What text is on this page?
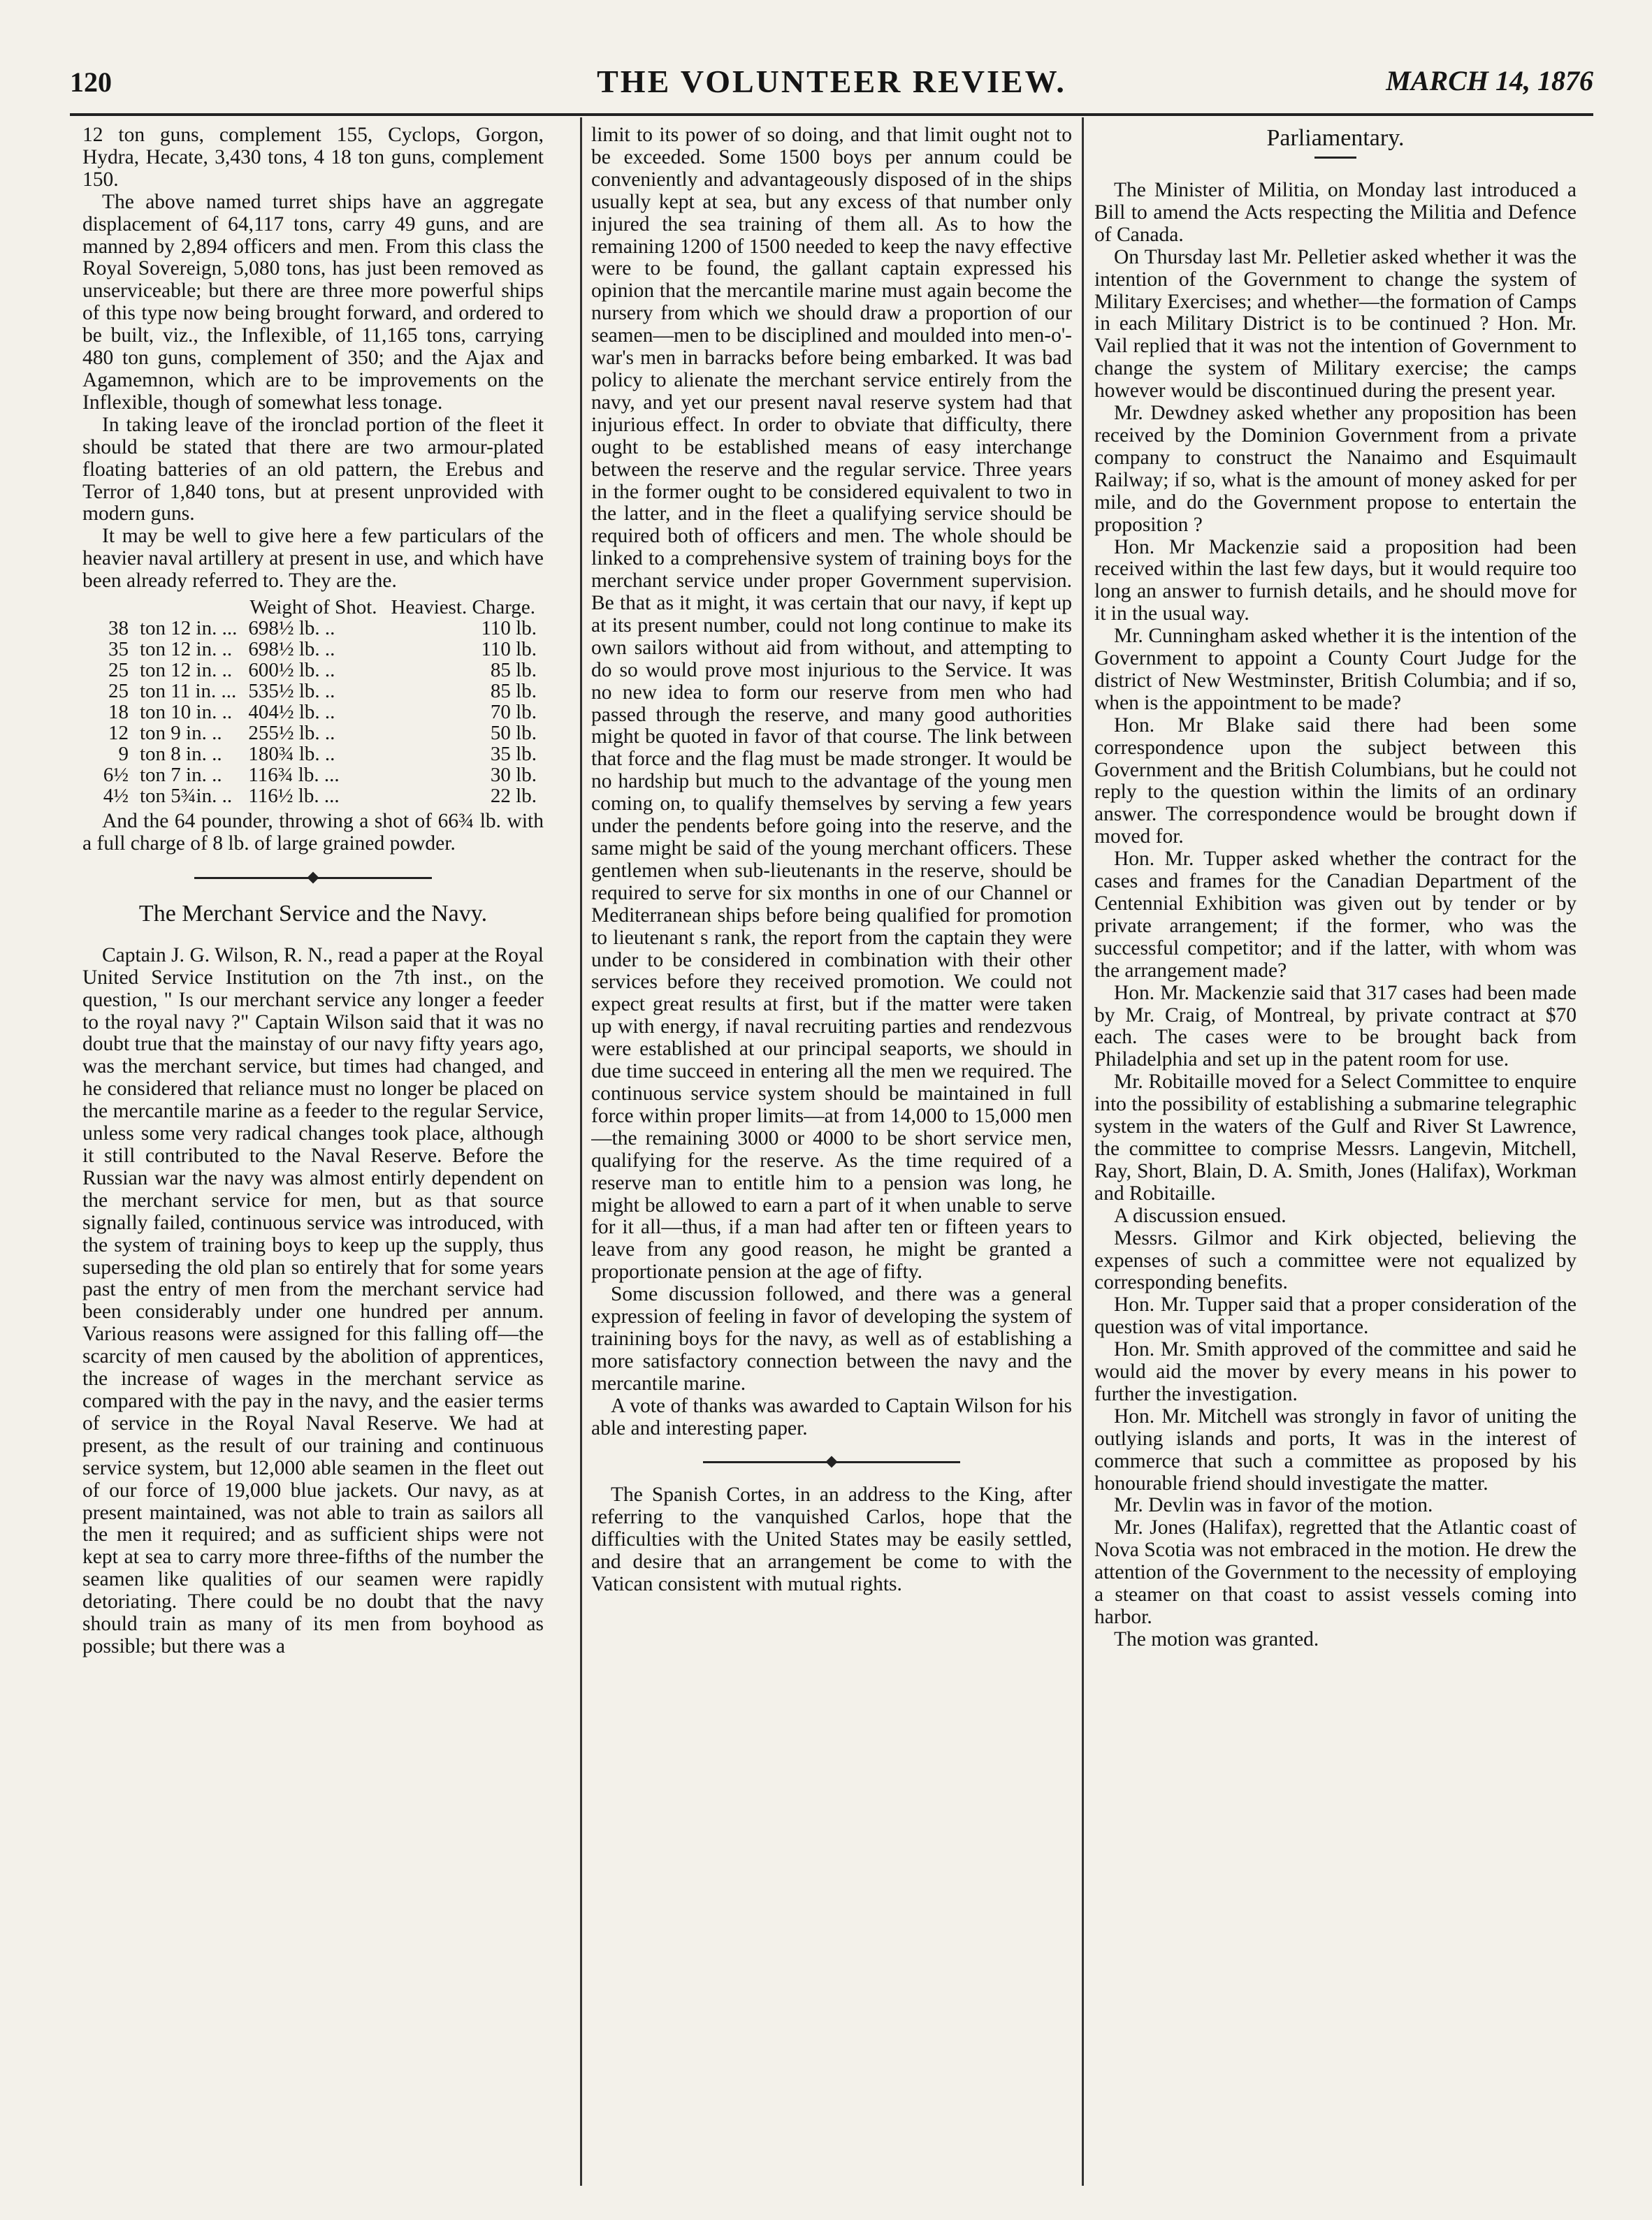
120	THE VOLUNTEER REVIEW.	MARCH 14, 1876

12 ton guns, complement 155, Cyclops, Gorgon, Hydra, Hecate, 3,430 tons, 4 18 ton guns, complement 150.

The above named turret ships have an aggregate displacement of 64,117 tons, carry 49 guns, and are manned by 2,894 officers and men. From this class the Royal Sovereign, 5,080 tons, has just been removed as unserviceable; but there are three more powerful ships of this type now being brought forward, and ordered to be built, viz., the Inflexible, of 11,165 tons, carrying 480 ton guns, complement of 350; and the Ajax and Agamemnon, which are to be improvements on the Inflexible, though of somewhat less tonage.

In taking leave of the ironclad portion of the fleet it should be stated that there are two armour-plated floating batteries of an old pattern, the Erebus and Terror of 1,840 tons, but at present unprovided with modern guns.

It may be well to give here a few particulars of the heavier naval artillery at present in use, and which have been already referred to. They are the.

		Weight of Shot.	Heaviest. Charge.
38	ton 12 in. ...	698½ lb. ..	110 lb.
35	ton 12 in. ..	698½ lb. ..	110 lb.
25	ton 12 in. ..	600½ lb. ..	85 lb.
25	ton 11 in. ...	535½ lb. ..	85 lb.
18	ton 10 in. ..	404½ lb. ..	70 lb.
12	ton 9 in. ..	255½ lb. ..	50 lb.
9	ton 8 in. ..	180¾ lb. ..	35 lb.
6½	ton 7 in. ..	116¾ lb. ...	30 lb.
4½	ton 5¾in. ..	116½ lb. ...	22 lb.

And the 64 pounder, throwing a shot of 66¾ lb. with a full charge of 8 lb. of large grained powder.

The Merchant Service and the Navy.

Captain J. G. Wilson, R. N., read a paper at the Royal United Service Institution on the 7th inst., on the question, " Is our merchant service any longer a feeder to the royal navy ?" Captain Wilson said that it was no doubt true that the mainstay of our navy fifty years ago, was the merchant service, but times had changed, and he considered that reliance must no longer be placed on the mercantile marine as a feeder to the regular Service, unless some very radical changes took place, although it still contributed to the Naval Reserve. Before the Russian war the navy was almost entirly dependent on the merchant service for men, but as that source signally failed, continuous service was introduced, with the system of training boys to keep up the supply, thus superseding the old plan so entirely that for some years past the entry of men from the merchant service had been considerably under one hundred per annum. Various reasons were assigned for this falling off—the scarcity of men caused by the abolition of apprentices, the increase of wages in the merchant service as compared with the pay in the navy, and the easier terms of service in the Royal Naval Reserve. We had at present, as the result of our training and continuous service system, but 12,000 able seamen in the fleet out of our force of 19,000 blue jackets. Our navy, as at present maintained, was not able to train as sailors all the men it required; and as sufficient ships were not kept at sea to carry more three-fifths of the number the seamen like qualities of our seamen were rapidly detoriating. There could be no doubt that the navy should train as many of its men from boyhood as possible; but there was a

limit to its power of so doing, and that limit ought not to be exceeded. Some 1500 boys per annum could be conveniently and advantageously disposed of in the ships usually kept at sea, but any excess of that number only injured the sea training of them all. As to how the remaining 1200 of 1500 needed to keep the navy effective were to be found, the gallant captain expressed his opinion that the mercantile marine must again become the nursery from which we should draw a proportion of our seamen—men to be disciplined and moulded into men-o'-war's men in barracks before being embarked. It was bad policy to alienate the merchant service entirely from the navy, and yet our present naval reserve system had that injurious effect. In order to obviate that difficulty, there ought to be established means of easy interchange between the reserve and the regular service. Three years in the former ought to be considered equivalent to two in the latter, and in the fleet a qualifying service should be required both of officers and men. The whole should be linked to a comprehensive system of training boys for the merchant service under proper Government supervision. Be that as it might, it was certain that our navy, if kept up at its present number, could not long continue to make its own sailors without aid from without, and attempting to do so would prove most injurious to the Service. It was no new idea to form our reserve from men who had passed through the reserve, and many good authorities might be quoted in favor of that course. The link between that force and the flag must be made stronger. It would be no hardship but much to the advantage of the young men coming on, to qualify themselves by serving a few years under the pendents before going into the reserve, and the same might be said of the young merchant officers. These gentlemen when sub-lieutenants in the reserve, should be required to serve for six months in one of our Channel or Mediterranean ships before being qualified for promotion to lieutenant s rank, the report from the captain they were under to be considered in combination with their other services before they received promotion. We could not expect great results at first, but if the matter were taken up with energy, if naval recruiting parties and rendezvous were established at our principal seaports, we should in due time succeed in entering all the men we required. The continuous service system should be maintained in full force within proper limits—at from 14,000 to 15,000 men—the remaining 3000 or 4000 to be short service men, qualifying for the reserve. As the time required of a reserve man to entitle him to a pension was long, he might be allowed to earn a part of it when unable to serve for it all—thus, if a man had after ten or fifteen years to leave from any good reason, he might be granted a proportionate pension at the age of fifty.

Some discussion followed, and there was a general expression of feeling in favor of developing the system of trainining boys for the navy, as well as of establishing a more satisfactory connection between the navy and the mercantile marine.

A vote of thanks was awarded to Captain Wilson for his able and interesting paper.

The Spanish Cortes, in an address to the King, after referring to the vanquished Carlos, hope that the difficulties with the United States may be easily settled, and desire that an arrangement be come to with the Vatican consistent with mutual rights.

Parliamentary.

The Minister of Militia, on Monday last introduced a Bill to amend the Acts respecting the Militia and Defence of Canada.

On Thursday last Mr. Pelletier asked whether it was the intention of the Government to change the system of Military Exercises; and whether—the formation of Camps in each Military District is to be continued ? Hon. Mr. Vail replied that it was not the intention of Government to change the system of Military exercise; the camps however would be discontinued during the present year.

Mr. Dewdney asked whether any proposition has been received by the Dominion Government from a private company to construct the Nanaimo and Esquimault Railway; if so, what is the amount of money asked for per mile, and do the Government propose to entertain the proposition ?

Hon. Mr Mackenzie said a proposition had been received within the last few days, but it would require too long an answer to furnish details, and he should move for it in the usual way.

Mr. Cunningham asked whether it is the intention of the Government to appoint a County Court Judge for the district of New Westminster, British Columbia; and if so, when is the appointment to be made?

Hon. Mr Blake said there had been some correspondence upon the subject between this Government and the British Columbians, but he could not reply to the question within the limits of an ordinary answer. The correspondence would be brought down if moved for.

Hon. Mr. Tupper asked whether the contract for the cases and frames for the Canadian Department of the Centennial Exhibition was given out by tender or by private arrangement; if the former, who was the successful competitor; and if the latter, with whom was the arrangement made?

Hon. Mr. Mackenzie said that 317 cases had been made by Mr. Craig, of Montreal, by private contract at $70 each. The cases were to be brought back from Philadelphia and set up in the patent room for use.

Mr. Robitaille moved for a Select Committee to enquire into the possibility of establishing a submarine telegraphic system in the waters of the Gulf and River St Lawrence, the committee to comprise Messrs. Langevin, Mitchell, Ray, Short, Blain, D. A. Smith, Jones (Halifax), Workman and Robitaille.

A discussion ensued.

Messrs. Gilmor and Kirk objected, believing the expenses of such a committee were not equalized by corresponding benefits.

Hon. Mr. Tupper said that a proper consideration of the question was of vital importance.

Hon. Mr. Smith approved of the committee and said he would aid the mover by every means in his power to further the investigation.

Hon. Mr. Mitchell was strongly in favor of uniting the outlying islands and ports, It was in the interest of commerce that such a committee as proposed by his honourable friend should investigate the matter.

Mr. Devlin was in favor of the motion.

Mr. Jones (Halifax), regretted that the Atlantic coast of Nova Scotia was not embraced in the motion. He drew the attention of the Government to the necessity of employing a steamer on that coast to assist vessels coming into harbor.

The motion was granted.
